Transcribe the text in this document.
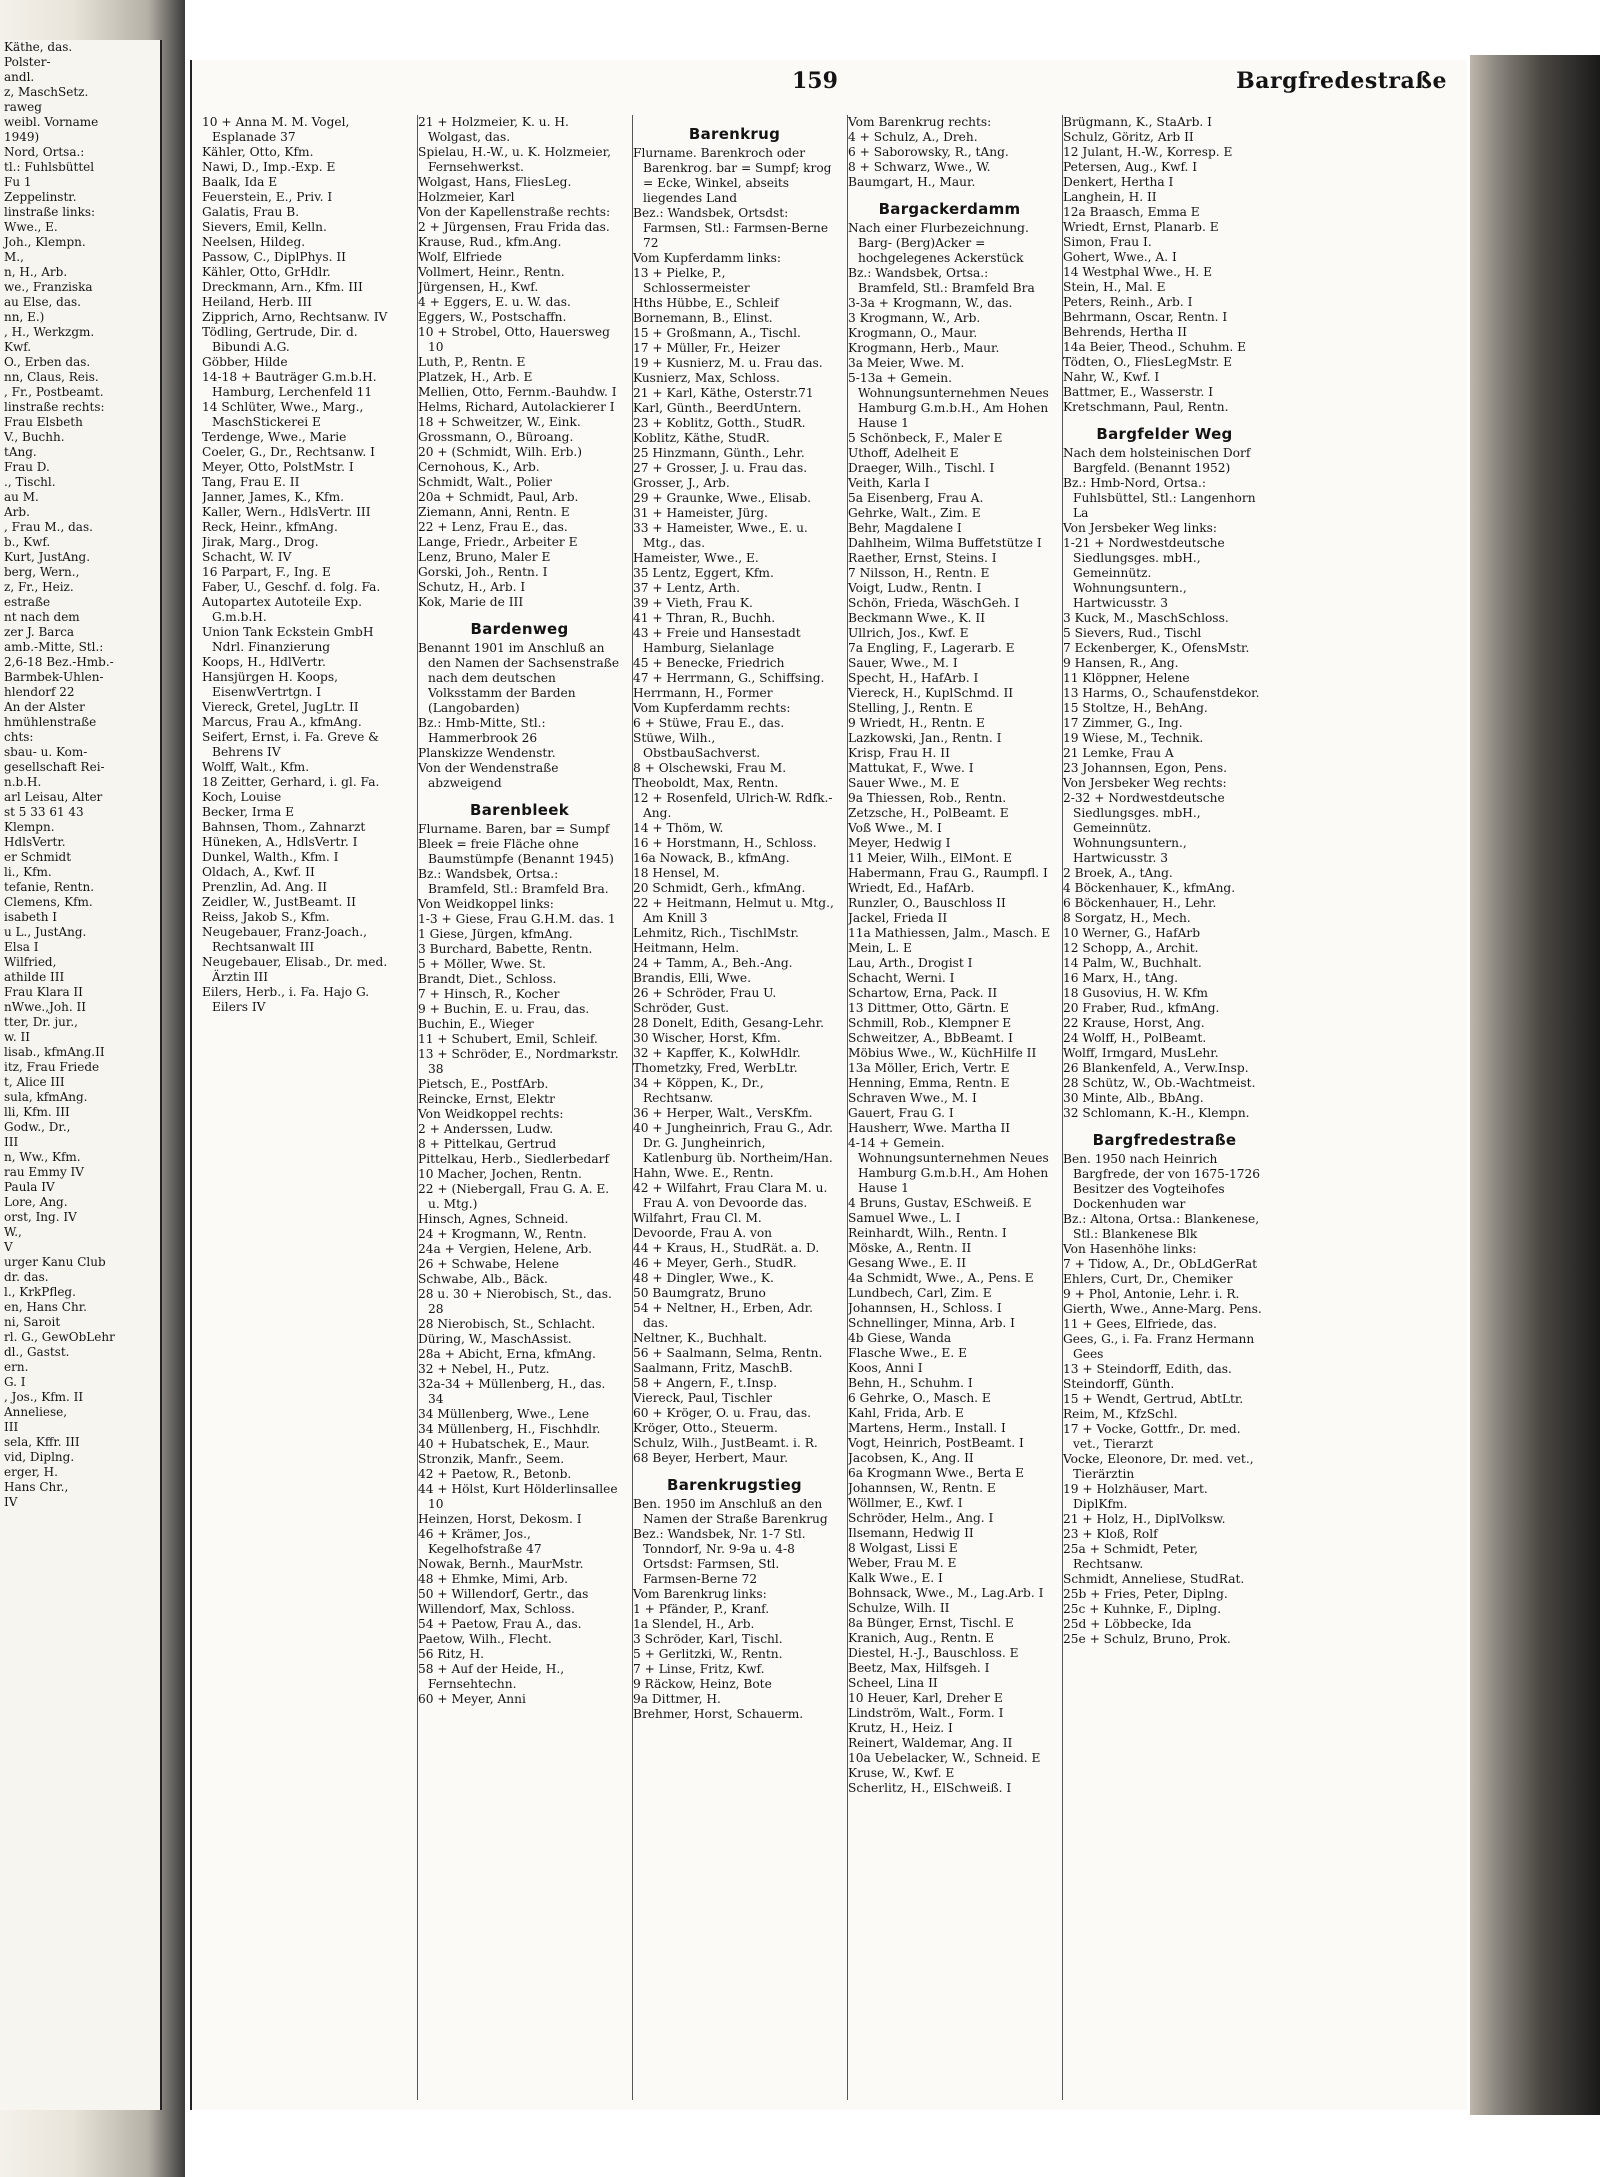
Käthe, das.
Polster-
andl.
z, MaschSetz.
raweg
weibl. Vorname
1949)
Nord, Ortsa.:
tl.: Fuhlsbüttel
Fu 1
Zeppelinstr.
linstraße links:
Wwe., E.
Joh., Klempn.
M.,
n, H., Arb.
we., Franziska
au Else, das.
nn, E.)
, H., Werkzgm.
Kwf.
O., Erben das.
nn, Claus, Reis.
, Fr., Postbeamt.
linstraße rechts:
Frau Elsbeth
V., Buchh.
tAng.
Frau D.
., Tischl.
au M.
Arb.
, Frau M., das.
b., Kwf.
Kurt, JustAng.
berg, Wern.,
z, Fr., Heiz.
estraße
nt nach dem
zer J. Barca
amb.-Mitte, Stl.:
2,6-18 Bez.-Hmb.-
Barmbek-Uhlen-
hlendorf 22
An der Alster
hmühlenstraße
chts:
sbau- u. Kom-
gesellschaft Rei-
n.b.H.
arl Leisau, Alter
st 5 33 61 43
Klempn.
HdlsVertr.
er Schmidt
li., Kfm.
tefanie, Rentn.
Clemens, Kfm.
isabeth I
u L., JustAng.
Elsa I
Wilfried,
athilde III
Frau Klara II
nWwe.,Joh. II
tter, Dr. jur.,
w. II
lisab., kfmAng.II
itz, Frau Friede
t, Alice III
sula, kfmAng.
lli, Kfm. III
Godw., Dr.,
III
n, Ww., Kfm.
rau Emmy IV
Paula IV
Lore, Ang.
orst, Ing. IV
W.,
V
urger Kanu Club
dr. das.
l., KrkPfleg.
en, Hans Chr.
ni, Saroit
rl. G., GewObLehr
dl., Gastst.
ern.
G. I
, Jos., Kfm. II
Anneliese,
III
sela, Kffr. III
vid, Diplng.
erger, H.
Hans Chr.,
IV
159	Bargfredestraße
10 + Anna M. M. Vogel, Esplanade 37
Kähler, Otto, Kfm.
Nawi, D., Imp.-Exp. E
Baalk, Ida E
Feuerstein, E., Priv. I
Galatis, Frau B.
Sievers, Emil, Kelln.
Neelsen, Hildeg.
Passow, C., DiplPhys. II
Kähler, Otto, GrHdlr.
Dreckmann, Arn., Kfm. III
Heiland, Herb. III
Zipprich, Arno, Rechtsanw. IV
Tödling, Gertrude, Dir. d. Bibundi A.G.
Göbber, Hilde
14-18 + Bauträger G.m.b.H. Hamburg, Lerchenfeld 11
14 Schlüter, Wwe., Marg., MaschStickerei E
Terdenge, Wwe., Marie
Coeler, G., Dr., Rechtsanw. I
Meyer, Otto, PolstMstr. I
Tang, Frau E. II
Janner, James, K., Kfm.
Kaller, Wern., HdlsVertr. III
Reck, Heinr., kfmAng.
Jirak, Marg., Drog.
Schacht, W. IV
16 Parpart, F., Ing. E
Faber, U., Geschf. d. folg. Fa.
Autopartex Autoteile Exp. G.m.b.H.
Union Tank Eckstein GmbH Ndrl. Finanzierung
Koops, H., HdlVertr.
Hansjürgen H. Koops, EisenwVertrtgn. I
Viereck, Gretel, JugLtr. II
Marcus, Frau A., kfmAng.
Seifert, Ernst, i. Fa. Greve & Behrens IV
Wolff, Walt., Kfm.
18 Zeitter, Gerhard, i. gl. Fa.
Koch, Louise
Becker, Irma E
Bahnsen, Thom., Zahnarzt
Hüneken, A., HdlsVertr. I
Dunkel, Walth., Kfm. I
Oldach, A., Kwf. II
Prenzlin, Ad. Ang. II
Zeidler, W., JustBeamt. II
Reiss, Jakob S., Kfm.
Neugebauer, Franz-Joach., Rechtsanwalt III
Neugebauer, Elisab., Dr. med. Ärztin III
Eilers, Herb., i. Fa. Hajo G. Eilers IV
21 + Holzmeier, K. u. H. Wolgast, das.
Spielau, H.-W., u. K. Holzmeier, Fernsehwerkst.
Wolgast, Hans, FliesLeg.
Holzmeier, Karl
Von der Kapellenstraße rechts:
2 + Jürgensen, Frau Frida das.
Krause, Rud., kfm.Ang.
Wolf, Elfriede
Vollmert, Heinr., Rentn.
Jürgensen, H., Kwf.
4 + Eggers, E. u. W. das.
Eggers, W., Postschaffn.
10 + Strobel, Otto, Hauersweg 10
Luth, P., Rentn. E
Platzek, H., Arb. E
Mellien, Otto, Fernm.-Bauhdw. I
Helms, Richard, Autolackierer I
18 + Schweitzer, W., Eink.
Grossmann, O., Büroang.
20 + (Schmidt, Wilh. Erb.)
Cernohous, K., Arb.
Schmidt, Walt., Polier
20a + Schmidt, Paul, Arb.
Ziemann, Anni, Rentn. E
22 + Lenz, Frau E., das.
Lange, Friedr., Arbeiter E
Lenz, Bruno, Maler E
Gorski, Joh., Rentn. I
Schutz, H., Arb. I
Kok, Marie de III
Bardenweg
Benannt 1901 im Anschluß an den Namen der Sachsenstraße nach dem deutschen Volksstamm der Barden (Langobarden)
Bz.: Hmb-Mitte, Stl.: Hammerbrook 26
Planskizze Wendenstr.
Von der Wendenstraße abzweigend
Barenbleek
Flurname. Baren, bar = Sumpf
Bleek = freie Fläche ohne Baumstümpfe (Benannt 1945)
Bz.: Wandsbek, Ortsa.: Bramfeld, Stl.: Bramfeld Bra.
Von Weidkoppel links:
1-3 + Giese, Frau G.H.M. das. 1
1 Giese, Jürgen, kfmAng.
3 Burchard, Babette, Rentn.
5 + Möller, Wwe. St.
Brandt, Diet., Schloss.
7 + Hinsch, R., Kocher
9 + Buchin, E. u. Frau, das.
Buchin, E., Wieger
11 + Schubert, Emil, Schleif.
13 + Schröder, E., Nordmarkstr. 38
Pietsch, E., PostfArb.
Reincke, Ernst, Elektr
Von Weidkoppel rechts:
2 + Anderssen, Ludw.
8 + Pittelkau, Gertrud
Pittelkau, Herb., Siedlerbedarf
10 Macher, Jochen, Rentn.
22 + (Niebergall, Frau G. A. E. u. Mtg.)
Hinsch, Agnes, Schneid.
24 + Krogmann, W., Rentn.
24a + Vergien, Helene, Arb.
26 + Schwabe, Helene
Schwabe, Alb., Bäck.
28 u. 30 + Nierobisch, St., das. 28
28 Nierobisch, St., Schlacht.
Düring, W., MaschAssist.
28a + Abicht, Erna, kfmAng.
32 + Nebel, H., Putz.
32a-34 + Müllenberg, H., das. 34
34 Müllenberg, Wwe., Lene
34 Müllenberg, H., Fischhdlr.
40 + Hubatschek, E., Maur.
Stronzik, Manfr., Seem.
42 + Paetow, R., Betonb.
44 + Hölst, Kurt Hölderlinsallee 10
Heinzen, Horst, Dekosm. I
46 + Krämer, Jos., Kegelhofstraße 47
Nowak, Bernh., MaurMstr.
48 + Ehmke, Mimi, Arb.
50 + Willendorf, Gertr., das
Willendorf, Max, Schloss.
54 + Paetow, Frau A., das.
Paetow, Wilh., Flecht.
56 Ritz, H.
58 + Auf der Heide, H., Fernsehtechn.
60 + Meyer, Anni
Barenkrug
Flurname. Barenkroch oder Barenkrog. bar = Sumpf; krog = Ecke, Winkel, abseits liegendes Land
Bez.: Wandsbek, Ortsdst: Farmsen, Stl.: Farmsen-Berne 72
Vom Kupferdamm links:
13 + Pielke, P., Schlossermeister
Hths Hübbe, E., Schleif
Bornemann, B., Elinst.
15 + Großmann, A., Tischl.
17 + Müller, Fr., Heizer
19 + Kusnierz, M. u. Frau das.
Kusnierz, Max, Schloss.
21 + Karl, Käthe, Osterstr.71
Karl, Günth., BeerdUntern.
23 + Koblitz, Gotth., StudR.
Koblitz, Käthe, StudR.
25 Hinzmann, Günth., Lehr.
27 + Grosser, J. u. Frau das.
Grosser, J., Arb.
29 + Graunke, Wwe., Elisab.
31 + Hameister, Jürg.
33 + Hameister, Wwe., E. u. Mtg., das.
Hameister, Wwe., E.
35 Lentz, Eggert, Kfm.
37 + Lentz, Arth.
39 + Vieth, Frau K.
41 + Thran, R., Buchh.
43 + Freie und Hansestadt Hamburg, Sielanlage
45 + Benecke, Friedrich
47 + Herrmann, G., Schiffsing.
Herrmann, H., Former
Vom Kupferdamm rechts:
6 + Stüwe, Frau E., das.
Stüwe, Wilh., ObstbauSachverst.
8 + Olschewski, Frau M.
Theoboldt, Max, Rentn.
12 + Rosenfeld, Ulrich-W. Rdfk.-Ang.
14 + Thöm, W.
16 + Horstmann, H., Schloss.
16a Nowack, B., kfmAng.
18 Hensel, M.
20 Schmidt, Gerh., kfmAng.
22 + Heitmann, Helmut u. Mtg., Am Knill 3
Lehmitz, Rich., TischlMstr.
Heitmann, Helm.
24 + Tamm, A., Beh.-Ang.
Brandis, Elli, Wwe.
26 + Schröder, Frau U.
Schröder, Gust.
28 Donelt, Edith, Gesang-Lehr.
30 Wischer, Horst, Kfm.
32 + Kapffer, K., KolwHdlr.
Thometzky, Fred, WerbLtr.
34 + Köppen, K., Dr., Rechtsanw.
36 + Herper, Walt., VersKfm.
40 + Jungheinrich, Frau G., Adr. Dr. G. Jungheinrich, Katlenburg üb. Northeim/Han.
Hahn, Wwe. E., Rentn.
42 + Wilfahrt, Frau Clara M. u. Frau A. von Devoorde das.
Wilfahrt, Frau Cl. M.
Devoorde, Frau A. von
44 + Kraus, H., StudRät. a. D.
46 + Meyer, Gerh., StudR.
48 + Dingler, Wwe., K.
50 Baumgratz, Bruno
54 + Neltner, H., Erben, Adr. das.
Neltner, K., Buchhalt.
56 + Saalmann, Selma, Rentn.
Saalmann, Fritz, MaschB.
58 + Angern, F., t.Insp.
Viereck, Paul, Tischler
60 + Kröger, O. u. Frau, das.
Kröger, Otto., Steuerm.
Schulz, Wilh., JustBeamt. i. R.
68 Beyer, Herbert, Maur.
Barenkrugstieg
Ben. 1950 im Anschluß an den Namen der Straße Barenkrug
Bez.: Wandsbek, Nr. 1-7 Stl. Tonndorf, Nr. 9-9a u. 4-8 Ortsdst: Farmsen, Stl. Farmsen-Berne 72
Vom Barenkrug links:
1 + Pfänder, P., Kranf.
1a Slendel, H., Arb.
3 Schröder, Karl, Tischl.
5 + Gerlitzki, W., Rentn.
7 + Linse, Fritz, Kwf.
9 Räckow, Heinz, Bote
9a Dittmer, H.
Brehmer, Horst, Schauerm.
Vom Barenkrug rechts:
4 + Schulz, A., Dreh.
6 + Saborowsky, R., tAng.
8 + Schwarz, Wwe., W.
Baumgart, H., Maur.
Bargackerdamm
Nach einer Flurbezeichnung. Barg- (Berg)Acker = hochgelegenes Ackerstück
Bz.: Wandsbek, Ortsa.: Bramfeld, Stl.: Bramfeld Bra
3-3a + Krogmann, W., das.
3 Krogmann, W., Arb.
Krogmann, O., Maur.
Krogmann, Herb., Maur.
3a Meier, Wwe. M.
5-13a + Gemein. Wohnungsunternehmen Neues Hamburg G.m.b.H., Am Hohen Hause 1
5 Schönbeck, F., Maler E
Uthoff, Adelheit E
Draeger, Wilh., Tischl. I
Veith, Karla I
5a Eisenberg, Frau A.
Gehrke, Walt., Zim. E
Behr, Magdalene I
Dahlheim, Wilma Buffetstütze I
Raether, Ernst, Steins. I
7 Nilsson, H., Rentn. E
Voigt, Ludw., Rentn. I
Schön, Frieda, WäschGeh. I
Beckmann Wwe., K. II
Ullrich, Jos., Kwf. E
7a Engling, F., Lagerarb. E
Sauer, Wwe., M. I
Specht, H., HafArb. I
Viereck, H., KuplSchmd. II
Stelling, J., Rentn. E
9 Wriedt, H., Rentn. E
Lazkowski, Jan., Rentn. I
Krisp, Frau H. II
Mattukat, F., Wwe. I
Sauer Wwe., M. E
9a Thiessen, Rob., Rentn.
Zetzsche, H., PolBeamt. E
Voß Wwe., M. I
Meyer, Hedwig I
11 Meier, Wilh., ElMont. E
Habermann, Frau G., Raumpfl. I
Wriedt, Ed., HafArb.
Runzler, O., Bauschloss II
Jackel, Frieda II
11a Mathiessen, Jalm., Masch. E
Mein, L. E
Lau, Arth., Drogist I
Schacht, Werni. I
Schartow, Erna, Pack. II
13 Dittmer, Otto, Gärtn. E
Schmill, Rob., Klempner E
Schweitzer, A., BbBeamt. I
Möbius Wwe., W., KüchHilfe II
13a Möller, Erich, Vertr. E
Henning, Emma, Rentn. E
Schraven Wwe., M. I
Gauert, Frau G. I
Hausherr, Wwe. Martha II
4-14 + Gemein. Wohnungsunternehmen Neues Hamburg G.m.b.H., Am Hohen Hause 1
4 Bruns, Gustav, ESchweiß. E
Samuel Wwe., L. I
Reinhardt, Wilh., Rentn. I
Möske, A., Rentn. II
Gesang Wwe., E. II
4a Schmidt, Wwe., A., Pens. E
Lundbech, Carl, Zim. E
Johannsen, H., Schloss. I
Schnellinger, Minna, Arb. I
4b Giese, Wanda
Flasche Wwe., E. E
Koos, Anni I
Behn, H., Schuhm. I
6 Gehrke, O., Masch. E
Kahl, Frida, Arb. E
Martens, Herm., Install. I
Vogt, Heinrich, PostBeamt. I
Jacobsen, K., Ang. II
6a Krogmann Wwe., Berta E
Johannsen, W., Rentn. E
Wöllmer, E., Kwf. I
Schröder, Helm., Ang. I
Ilsemann, Hedwig II
8 Wolgast, Lissi E
Weber, Frau M. E
Kalk Wwe., E. I
Bohnsack, Wwe., M., Lag.Arb. I
Schulze, Wilh. II
8a Bünger, Ernst, Tischl. E
Kranich, Aug., Rentn. E
Diestel, H.-J., Bauschloss. E
Beetz, Max, Hilfsgeh. I
Scheel, Lina II
10 Heuer, Karl, Dreher E
Lindström, Walt., Form. I
Krutz, H., Heiz. I
Reinert, Waldemar, Ang. II
10a Uebelacker, W., Schneid. E
Kruse, W., Kwf. E
Scherlitz, H., ElSchweiß. I
Brügmann, K., StaArb. I
Schulz, Göritz, Arb II
12 Julant, H.-W., Korresp. E
Petersen, Aug., Kwf. I
Denkert, Hertha I
Langhein, H. II
12a Braasch, Emma E
Wriedt, Ernst, Planarb. E
Simon, Frau I.
Gohert, Wwe., A. I
14 Westphal Wwe., H. E
Stein, H., Mal. E
Peters, Reinh., Arb. I
Behrmann, Oscar, Rentn. I
Behrends, Hertha II
14a Beier, Theod., Schuhm. E
Tödten, O., FliesLegMstr. E
Nahr, W., Kwf. I
Battmer, E., Wasserstr. I
Kretschmann, Paul, Rentn.
Bargfelder Weg
Nach dem holsteinischen Dorf Bargfeld. (Benannt 1952)
Bz.: Hmb-Nord, Ortsa.: Fuhlsbüttel, Stl.: Langenhorn La
Von Jersbeker Weg links:
1-21 + Nordwestdeutsche Siedlungsges. mbH., Gemeinnütz. Wohnungsuntern., Hartwicusstr. 3
3 Kuck, M., MaschSchloss.
5 Sievers, Rud., Tischl
7 Eckenberger, K., OfensMstr.
9 Hansen, R., Ang.
11 Klöppner, Helene
13 Harms, O., Schaufenstdekor.
15 Stoltze, H., BehAng.
17 Zimmer, G., Ing.
19 Wiese, M., Technik.
21 Lemke, Frau A
23 Johannsen, Egon, Pens.
Von Jersbeker Weg rechts:
2-32 + Nordwestdeutsche Siedlungsges. mbH., Gemeinnütz. Wohnungsuntern., Hartwicusstr. 3
2 Broek, A., tAng.
4 Böckenhauer, K., kfmAng.
6 Böckenhauer, H., Lehr.
8 Sorgatz, H., Mech.
10 Werner, G., HafArb
12 Schopp, A., Archit.
14 Palm, W., Buchhalt.
16 Marx, H., tAng.
18 Gusovius, H. W. Kfm
20 Fraber, Rud., kfmAng.
22 Krause, Horst, Ang.
24 Wolff, H., PolBeamt.
Wolff, Irmgard, MusLehr.
26 Blankenfeld, A., Verw.Insp.
28 Schütz, W., Ob.-Wachtmeist.
30 Minte, Alb., BbAng.
32 Schlomann, K.-H., Klempn.
Bargfredestraße
Ben. 1950 nach Heinrich Bargfrede, der von 1675-1726 Besitzer des Vogteihofes Dockenhuden war
Bz.: Altona, Ortsa.: Blankenese, Stl.: Blankenese Blk
Von Hasenhöhe links:
7 + Tidow, A., Dr., ObLdGerRat
Ehlers, Curt, Dr., Chemiker
9 + Phol, Antonie, Lehr. i. R.
Gierth, Wwe., Anne-Marg. Pens.
11 + Gees, Elfriede, das.
Gees, G., i. Fa. Franz Hermann Gees
13 + Steindorff, Edith, das.
Steindorff, Günth.
15 + Wendt, Gertrud, AbtLtr.
Reim, M., KfzSchl.
17 + Vocke, Gottfr., Dr. med. vet., Tierarzt
Vocke, Eleonore, Dr. med. vet., Tierärztin
19 + Holzhäuser, Mart. DiplKfm.
21 + Holz, H., DiplVolksw.
23 + Kloß, Rolf
25a + Schmidt, Peter, Rechtsanw.
Schmidt, Anneliese, StudRat.
25b + Fries, Peter, Diplng.
25c + Kuhnke, F., Diplng.
25d + Löbbecke, Ida
25e + Schulz, Bruno, Prok.
